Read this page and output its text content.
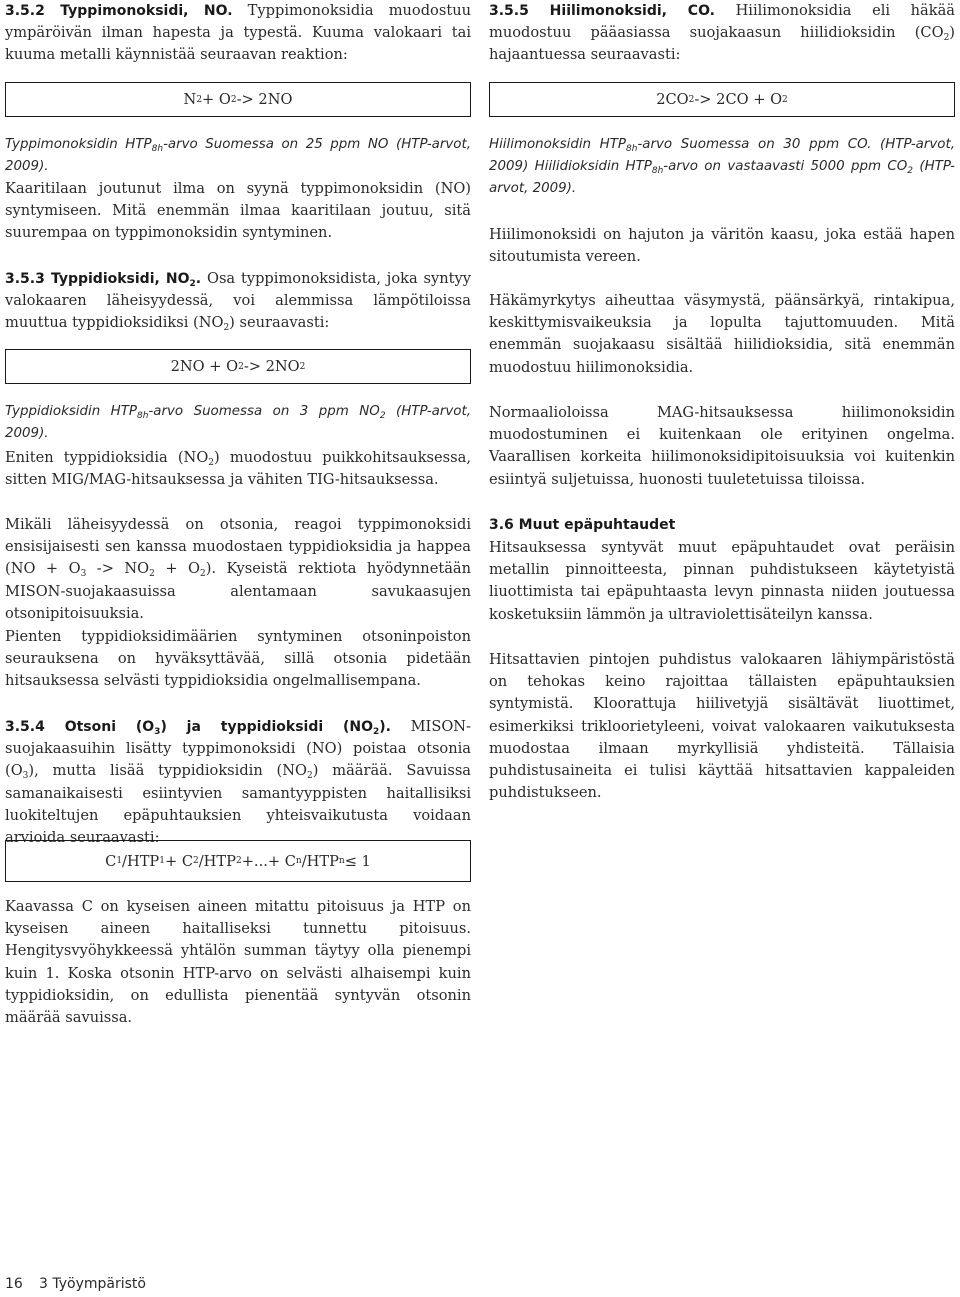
3.5.2 Typpimonoksidi, NO. Typpimonoksidia muodostuu ympäröivän ilman hapesta ja typestä. Kuuma valokaari tai kuuma metalli käynnistää seuraavan reaktion:

N 2 + O 2 -> 2NO

Typpimonoksidin $HTP_{8h}$-arvo Suomessa on 25 ppm NO (HTP-arvot, 2009).

Kaaritilaan joutunut ilma on syynä typpimonoksidin (NO) syntymiseen. Mitä enemmän ilmaa kaaritilaan joutuu, sitä suurempaa on typpimonoksidin syntyminen.

3.5.3 Typpidioksidi, $NO_2$. Osa typpimonoksidista, joka syntyy valokaaren läheisyydessä, voi alemmissa lämpötiloissa muuttua typpidioksidiksi $(NO_2)$ seuraavasti:

2NO + O 2 -> 2NO 2

Typpidioksidin $HTP_{8h}$-arvo Suomessa on 3 ppm $NO_2$ (HTP-arvot, 2009).

Eniten typpidioksidia $(NO_2)$ muodostuu puikkohitsauksessa, sitten MIG/MAG-hitsauksessa ja vähiten TIG-hitsauksessa.

Mikäli läheisyydessä on otsonia, reagoi typpimonoksidi ensisijaisesti sen kanssa muodostaen typpidioksidia ja happea $(NO + O_3 -> NO_2 + O_2)$. Kyseistä rektiota hyödynnetään MISON-suojakaasuissa alentamaan savukaasujen otsonipitoisuuksia.

Pienten typpidioksidimäärien syntyminen otsoninpoiston seurauksena on hyväksyttävää, sillä otsonia pidetään hitsauksessa selvästi typpidioksidia ongelmallisempana.

3.5.4 Otsoni $(O_3)$ ja typpidioksidi $(NO_2)$. MISON-suojakaasuihin lisätty typpimonoksidi (NO) poistaa otsonia $(O_3)$, mutta lisää typpidioksidin $(NO_2)$ määrää. Savuissa samanaikaisesti esiintyvien samantyyppisten haitallisiksi luokiteltujen epäpuhtauksien yhteisvaikutusta voidaan arvioida seuraavasti:

Kaavassa C on kyseisen aineen mitattu pitoisuus ja HTP on kyseisen aineen haitalliseksi tunnettu pitoisuus. Hengitysvyöhykkeessä yhtälön summan täytyy olla pienempi kuin 1. Koska otsonin HTP-arvo on selvästi alhaisempi kuin typpidioksidin, on edullista pienentää syntyvän otsonin määrää savuissa.

C 1 /HTP 1 + C 2 /HTP 2 +...+ C n /HTP n ≤ 1

3.5.5 Hiilimonoksidi, CO. Hiilimonoksidia eli häkää muodostuu pääasiassa suojakaasun hiilidioksidin $(CO_2)$ hajaantuessa seuraavasti:

2CO 2 -> 2CO + O 2

Hiilimonoksidin $HTP_{8h}$-arvo Suomessa on 30 ppm CO. (HTP-arvot, 2009) Hiilidioksidin $HTP_{8h}$-arvo on vastaavasti 5000 ppm $CO_2$ (HTP-arvot, 2009).

Hiilimonoksidi on hajuton ja väritön kaasu, joka estää hapen sitoutumista vereen.

Häkämyrkytys aiheuttaa väsymystä, päänsärkyä, rintakipua, keskittymisvaikeuksia ja lopulta tajuttomuuden. Mitä enemmän suojakaasu sisältää hiilidioksidia, sitä enemmän muodostuu hiilimonoksidia.

Normaalioloissa MAG-hitsauksessa hiilimonoksidin muodostuminen ei kuitenkaan ole erityinen ongelma. Vaarallisen korkeita hiilimonoksidipitoisuuksia voi kuitenkin esiintyä suljetuissa, huonosti tuuletetuissa tiloissa.

3.6 Muut epäpuhtaudet

Hitsauksessa syntyvät muut epäpuhtaudet ovat peräisin metallin pinnoitteesta, pinnan puhdistukseen käytetyistä liuottimista tai epäpuhtaasta levyn pinnasta niiden joutuessa kosketuksiin lämmön ja ultraviolettisäteilyn kanssa.

Hitsattavien pintojen puhdistus valokaaren lähiympäristöstä on tehokas keino rajoittaa tällaisten epäpuhtauksien syntymistä. Kloorattuja hiilivetyjä sisältävät liuottimet, esimerkiksi trikloorietyleeni, voivat valokaaren vaikutuksesta muodostaa ilmaan myrkyllisiä yhdisteitä. Tällaisia puhdistusaineita ei tulisi käyttää hitsattavien kappaleiden puhdistukseen.

16 3 Työympäristö
